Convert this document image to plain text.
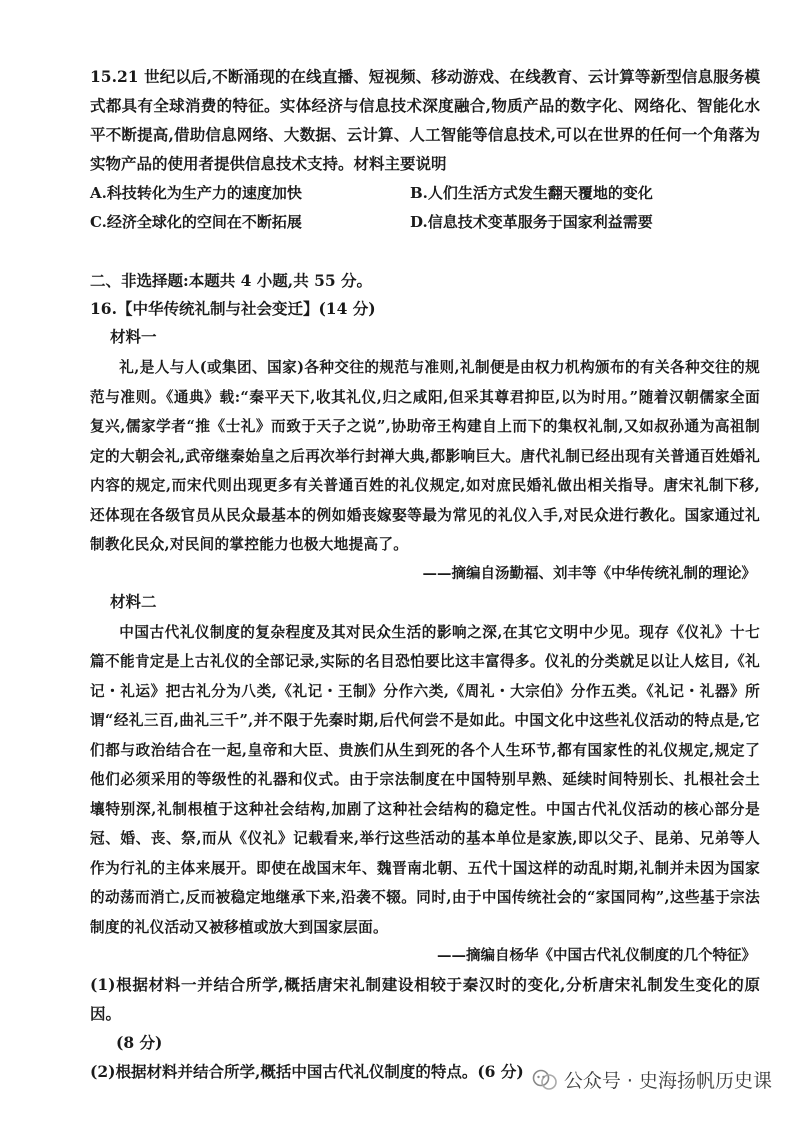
15.21 世纪以后,不断涌现的在线直播、短视频、移动游戏、在线教育、云计算等新型信息服务模式都具有全球消费的特征。实体经济与信息技术深度融合,物质产品的数字化、网络化、智能化水平不断提高,借助信息网络、大数据、云计算、人工智能等信息技术,可以在世界的任何一个角落为实物产品的使用者提供信息技术支持。材料主要说明

A.科技转化为生产力的速度加快	B.人们生活方式发生翻天覆地的变化
C.经济全球化的空间在不断拓展	D.信息技术变革服务于国家利益需要
二、非选择题:本题共 4 小题,共 55 分。
16.【中华传统礼制与社会变迁】(14 分)
材料一

礼,是人与人(或集团、国家)各种交往的规范与准则,礼制便是由权力机构颁布的有关各种交往的规范与准则。《通典》载:“秦平天下,收其礼仪,归之咸阳,但采其尊君抑臣,以为时用。”随着汉朝儒家全面复兴,儒家学者“推《士礼》而致于天子之说”,协助帝王构建自上而下的集权礼制,又如叔孙通为高祖制定的大朝会礼,武帝继秦始皇之后再次举行封禅大典,都影响巨大。唐代礼制已经出现有关普通百姓婚礼内容的规定,而宋代则出现更多有关普通百姓的礼仪规定,如对庶民婚礼做出相关指导。唐宋礼制下移,还体现在各级官员从民众最基本的例如婚丧嫁娶等最为常见的礼仪入手,对民众进行教化。国家通过礼制教化民众,对民间的掌控能力也极大地提高了。

——摘编自汤勤福、刘丰等《中华传统礼制的理论》
材料二

中国古代礼仪制度的复杂程度及其对民众生活的影响之深,在其它文明中少见。现存《仪礼》十七篇不能肯定是上古礼仪的全部记录,实际的名目恐怕要比这丰富得多。仪礼的分类就足以让人炫目,《礼记・礼运》把古礼分为八类,《礼记・王制》分作六类,《周礼・大宗伯》分作五类。《礼记・礼器》所谓“经礼三百,曲礼三千”,并不限于先秦时期,后代何尝不是如此。中国文化中这些礼仪活动的特点是,它们都与政治结合在一起,皇帝和大臣、贵族们从生到死的各个人生环节,都有国家性的礼仪规定,规定了他们必须采用的等级性的礼器和仪式。由于宗法制度在中国特别早熟、延续时间特别长、扎根社会土壤特别深,礼制根植于这种社会结构,加剧了这种社会结构的稳定性。中国古代礼仪活动的核心部分是冠、婚、丧、祭,而从《仪礼》记载看来,举行这些活动的基本单位是家族,即以父子、昆弟、兄弟等人作为行礼的主体来展开。即使在战国末年、魏晋南北朝、五代十国这样的动乱时期,礼制并未因为国家的动荡而消亡,反而被稳定地继承下来,沿袭不辍。同时,由于中国传统社会的“家国同构”,这些基于宗法制度的礼仪活动又被移植或放大到国家层面。

——摘编自杨华《中国古代礼仪制度的几个特征》
(1)根据材料一并结合所学,概括唐宋礼制建设相较于秦汉时的变化,分析唐宋礼制发生变化的原因。
(8 分)
(2)根据材料并结合所学,概括中国古代礼仪制度的特点。(6 分)	公众号 · 史海扬帆历史课
